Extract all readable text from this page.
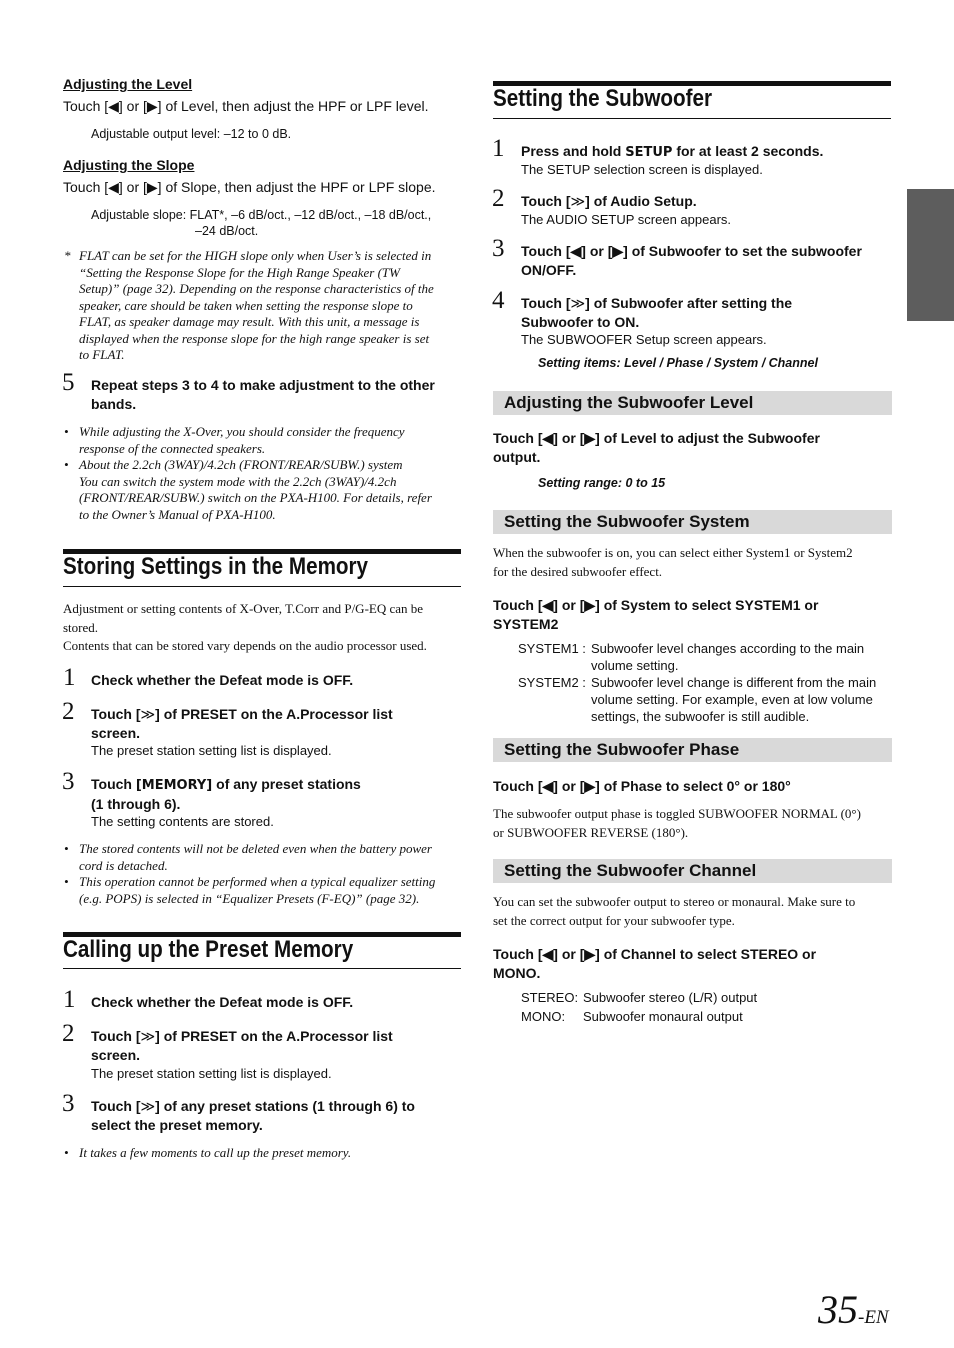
Adjusting the Level
Touch [◀] or [▶] of Level, then adjust the HPF or LPF level.
Adjustable output level: –12 to 0 dB.
Adjusting the Slope
Touch [◀] or [▶] of Slope, then adjust the HPF or LPF slope.
Adjustable slope: FLAT*, –6 dB/oct., –12 dB/oct., –18 dB/oct.,
–24 dB/oct.
* FLAT can be set for the HIGH slope only when User’s is selected in
“Setting the Response Slope for the High Range Speaker (TW
Setup)” (page 32). Depending on the response characteristics of the
speaker, care should be taken when setting the response slope to
FLAT, as speaker damage may result. With this unit, a message is
displayed when the response slope for the high range speaker is set
to FLAT.
5 Repeat steps 3 to 4 to make adjustment to the other
bands.
• While adjusting the X-Over, you should consider the frequency
response of the connected speakers.
• About the 2.2ch (3WAY)/4.2ch (FRONT/REAR/SUBW.) system
You can switch the system mode with the 2.2ch (3WAY)/4.2ch
(FRONT/REAR/SUBW.) switch on the PXA-H100. For details, refer
to the Owner’s Manual of PXA-H100.
Storing Settings in the Memory
Adjustment or setting contents of X-Over, T.Corr and P/G-EQ can be
stored.
Contents that can be stored vary depends on the audio processor used.
1 Check whether the Defeat mode is OFF.
2 Touch [≫] of PRESET on the A.Processor list
screen.
The preset station setting list is displayed.
3 Touch [MEMORY] of any preset stations
(1 through 6).
The setting contents are stored.
• The stored contents will not be deleted even when the battery power
cord is detached.
• This operation cannot be performed when a typical equalizer setting
(e.g. POPS) is selected in “Equalizer Presets (F-EQ)” (page 32).
Calling up the Preset Memory
1 Check whether the Defeat mode is OFF.
2 Touch [≫] of PRESET on the A.Processor list
screen.
The preset station setting list is displayed.
3 Touch [≫] of any preset stations (1 through 6) to
select the preset memory.
• It takes a few moments to call up the preset memory.
Setting the Subwoofer
1 Press and hold SETUP for at least 2 seconds.
The SETUP selection screen is displayed.
2 Touch [≫] of Audio Setup.
The AUDIO SETUP screen appears.
3 Touch [◀] or [▶] of Subwoofer to set the subwoofer
ON/OFF.
4 Touch [≫] of Subwoofer after setting the
Subwoofer to ON.
The SUBWOOFER Setup screen appears.
Setting items: Level / Phase / System / Channel
Adjusting the Subwoofer Level
Touch [◀] or [▶] of Level to adjust the Subwoofer
output.
Setting range: 0 to 15
Setting the Subwoofer System
When the subwoofer is on, you can select either System1 or System2
for the desired subwoofer effect.
Touch [◀] or [▶] of System to select SYSTEM1 or
SYSTEM2
SYSTEM1 : Subwoofer level changes according to the main
volume setting.
SYSTEM2 : Subwoofer level change is different from the main
volume setting. For example, even at low volume
settings, the subwoofer is still audible.
Setting the Subwoofer Phase
Touch [◀] or [▶] of Phase to select 0° or 180°
The subwoofer output phase is toggled SUBWOOFER NORMAL (0°)
or SUBWOOFER REVERSE (180°).
Setting the Subwoofer Channel
You can set the subwoofer output to stereo or monaural. Make sure to
set the correct output for your subwoofer type.
Touch [◀] or [▶] of Channel to select STEREO or
MONO.
STEREO: Subwoofer stereo (L/R) output
MONO: Subwoofer monaural output
35-EN
